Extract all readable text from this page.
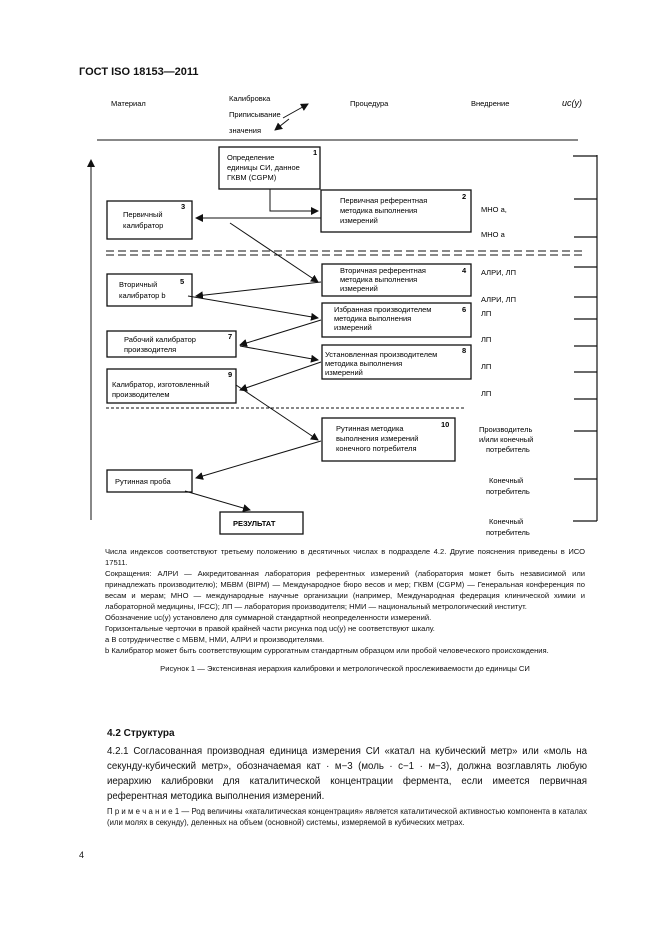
ГОСТ ISO 18153—2011
Материал
Калибровка
Приписывание
значения
Процедура	Внедрение	uc(y)
Определение
единицы СИ, данное
ГКВМ (CGPM)
1
Первичная референтная
методика выполнения
измерений
2
Первичный
калибратор
3
Вторичная референтная
методика выполнения
измерений
4
Вторичный
калибратор b
5
Избранная производителем
методика выполнения
измерений
6
Рабочий калибратор
производителя
7
Установленная производителем
методика выполнения
измерений
8
Калибратор, изготовленный
производителем
9
Рутинная методика
выполнения измерений
конечного потребителя
10
Рутинная проба
РЕЗУЛЬТАТ
МНО a,
МНО a
АЛРИ, ЛП
АЛРИ, ЛП
ЛП
ЛП
ЛП
ЛП
Производитель
и/или конечный
потребитель
Конечный
потребитель
Конечный
потребитель

Числа индексов соответствуют третьему положению в десятичных числах в подразделе 4.2. Другие пояснения приведены в ИСО 17511.

Сокращения: АЛРИ — Аккредитованная лаборатория референтных измерений (лаборатория может быть независимой или принадлежать производителю); МБВМ (BIPM) — Международное бюро весов и мер; ГКВМ (CGPM) — Генеральная конференция по весам и мерам; МНО — международные научные организации (например, Международная федерация клинической химии и лабораторной медицины, IFCC); ЛП — лаборатория производителя; НМИ — национальный метрологический институт.

Обозначение uc(y) установлено для суммарной стандартной неопределенности измерений.

Горизонтальные черточки в правой крайней части рисунка под uc(y) не соответствуют шкалу.

a В сотрудничестве с МБВМ, НМИ, АЛРИ и производителями.

b Калибратор может быть соответствующим суррогатным стандартным образцом или пробой человеческого происхождения.

Рисунок 1 — Экстенсивная иерархия калибровки и метрологической прослеживаемости до единицы СИ

4.2 Структура
4.2.1 Согласованная производная единица измерения СИ «катал на кубический метр» или «моль на секунду-кубический метр», обозначаемая кат · м−3 (моль · с−1 · м−3), должна возглавлять любую иерархию калибровки для каталитической концентрации фермента, если имеется первичная референтная методика выполнения измерений.
П р и м е ч а н и е 1 — Род величины «каталитическая концентрация» является каталитической активностью компонента в каталах (или молях в секунду), деленных на объем (основной) системы, измеряемой в кубических метрах.
4
